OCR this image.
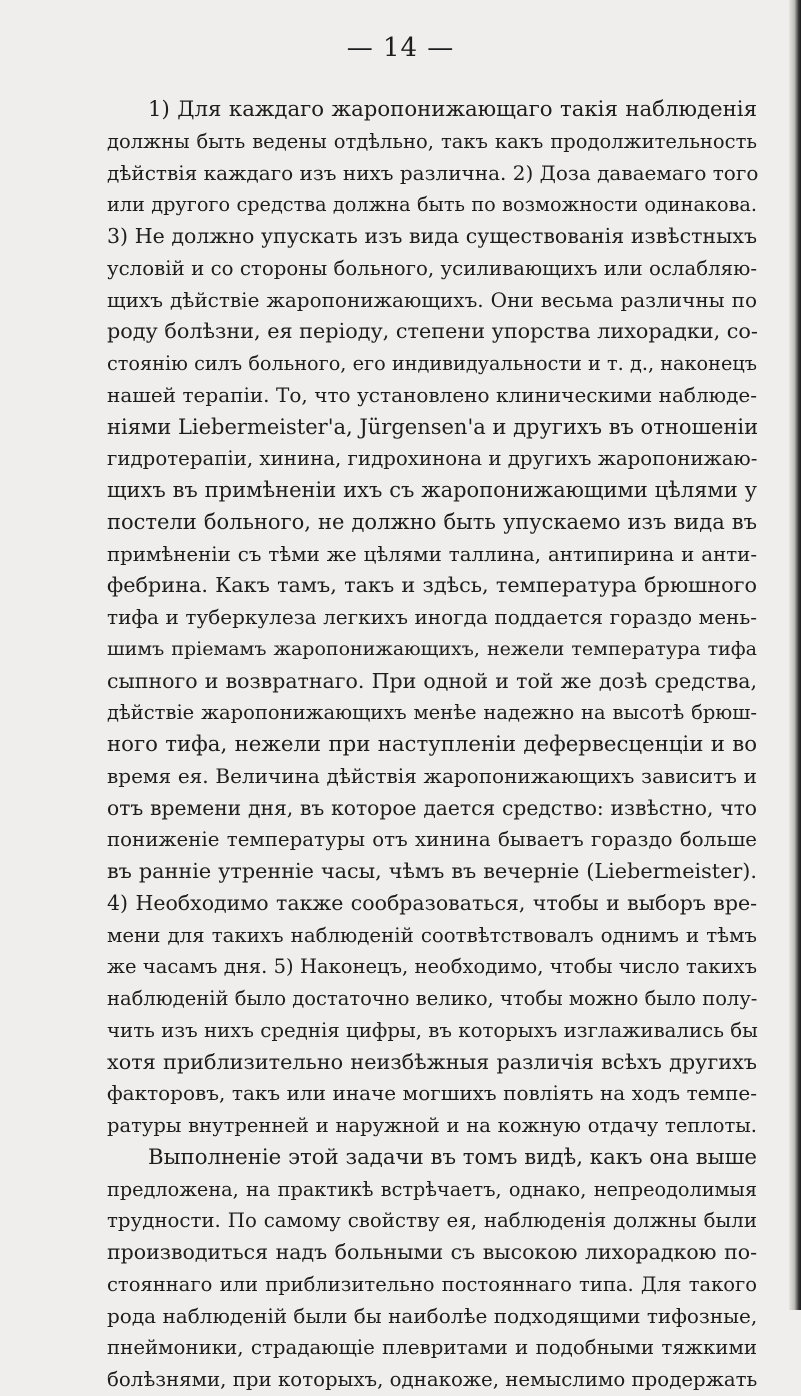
— 14 —
1) Для каждаго жаропонижающаго такія наблюденія
должны быть ведены отдѣльно, такъ какъ продолжительность
дѣйствія каждаго изъ нихъ различна. 2) Доза даваемаго того
или другого средства должна быть по возможности одинакова.
3) Не должно упускать изъ вида существованія извѣстныхъ
условій и со стороны больного, усиливающихъ или ослабляю-
щихъ дѣйствіе жаропонижающихъ. Они весьма различны по
роду болѣзни, ея періоду, степени упорства лихорадки, со-
стоянію силъ больного, его индивидуальности и т. д., наконецъ
нашей терапіи. То, что установлено клиническими наблюде-
ніями Liebermeister'а, Jürgensen'а и другихъ въ отношеніи
гидротерапіи, хинина, гидрохинона и другихъ жаропонижаю-
щихъ въ примѣненіи ихъ съ жаропонижающими цѣлями у
постели больного, не должно быть упускаемо изъ вида въ
примѣненіи съ тѣми же цѣлями таллина, антипирина и анти-
фебрина. Какъ тамъ, такъ и здѣсь, температура брюшного
тифа и туберкулеза легкихъ иногда поддается гораздо мень-
шимъ пріемамъ жаропонижающихъ, нежели температура тифа
сыпного и возвратнаго. При одной и той же дозѣ средства,
дѣйствіе жаропонижающихъ менѣе надежно на высотѣ брюш-
ного тифа, нежели при наступленіи дефервесценціи и во
время ея. Величина дѣйствія жаропонижающихъ зависитъ и
отъ времени дня, въ которое дается средство: извѣстно, что
пониженіе температуры отъ хинина бываетъ гораздо больше
въ ранніе утренніе часы, чѣмъ въ вечерніе (Liebermeister).
4) Необходимо также сообразоваться, чтобы и выборъ вре-
мени для такихъ наблюденій соотвѣтствовалъ однимъ и тѣмъ
же часамъ дня. 5) Наконецъ, необходимо, чтобы число такихъ
наблюденій было достаточно велико, чтобы можно было полу-
чить изъ нихъ среднія цифры, въ которыхъ изглаживались бы
хотя приблизительно неизбѣжныя различія всѣхъ другихъ
факторовъ, такъ или иначе могшихъ повліять на ходъ темпе-
ратуры внутренней и наружной и на кожную отдачу теплоты.
Выполненіе этой задачи въ томъ видѣ, какъ она выше
предложена, на практикѣ встрѣчаетъ, однако, непреодолимыя
трудности. По самому свойству ея, наблюденія должны были
производиться надъ больными съ высокою лихорадкою по-
стояннаго или приблизительно постояннаго типа. Для такого
рода наблюденій были бы наиболѣе подходящими тифозные,
пнеймоники, страдающіе плевритами и подобными тяжкими
болѣзнями, при которыхъ, однакоже, немыслимо продержать
